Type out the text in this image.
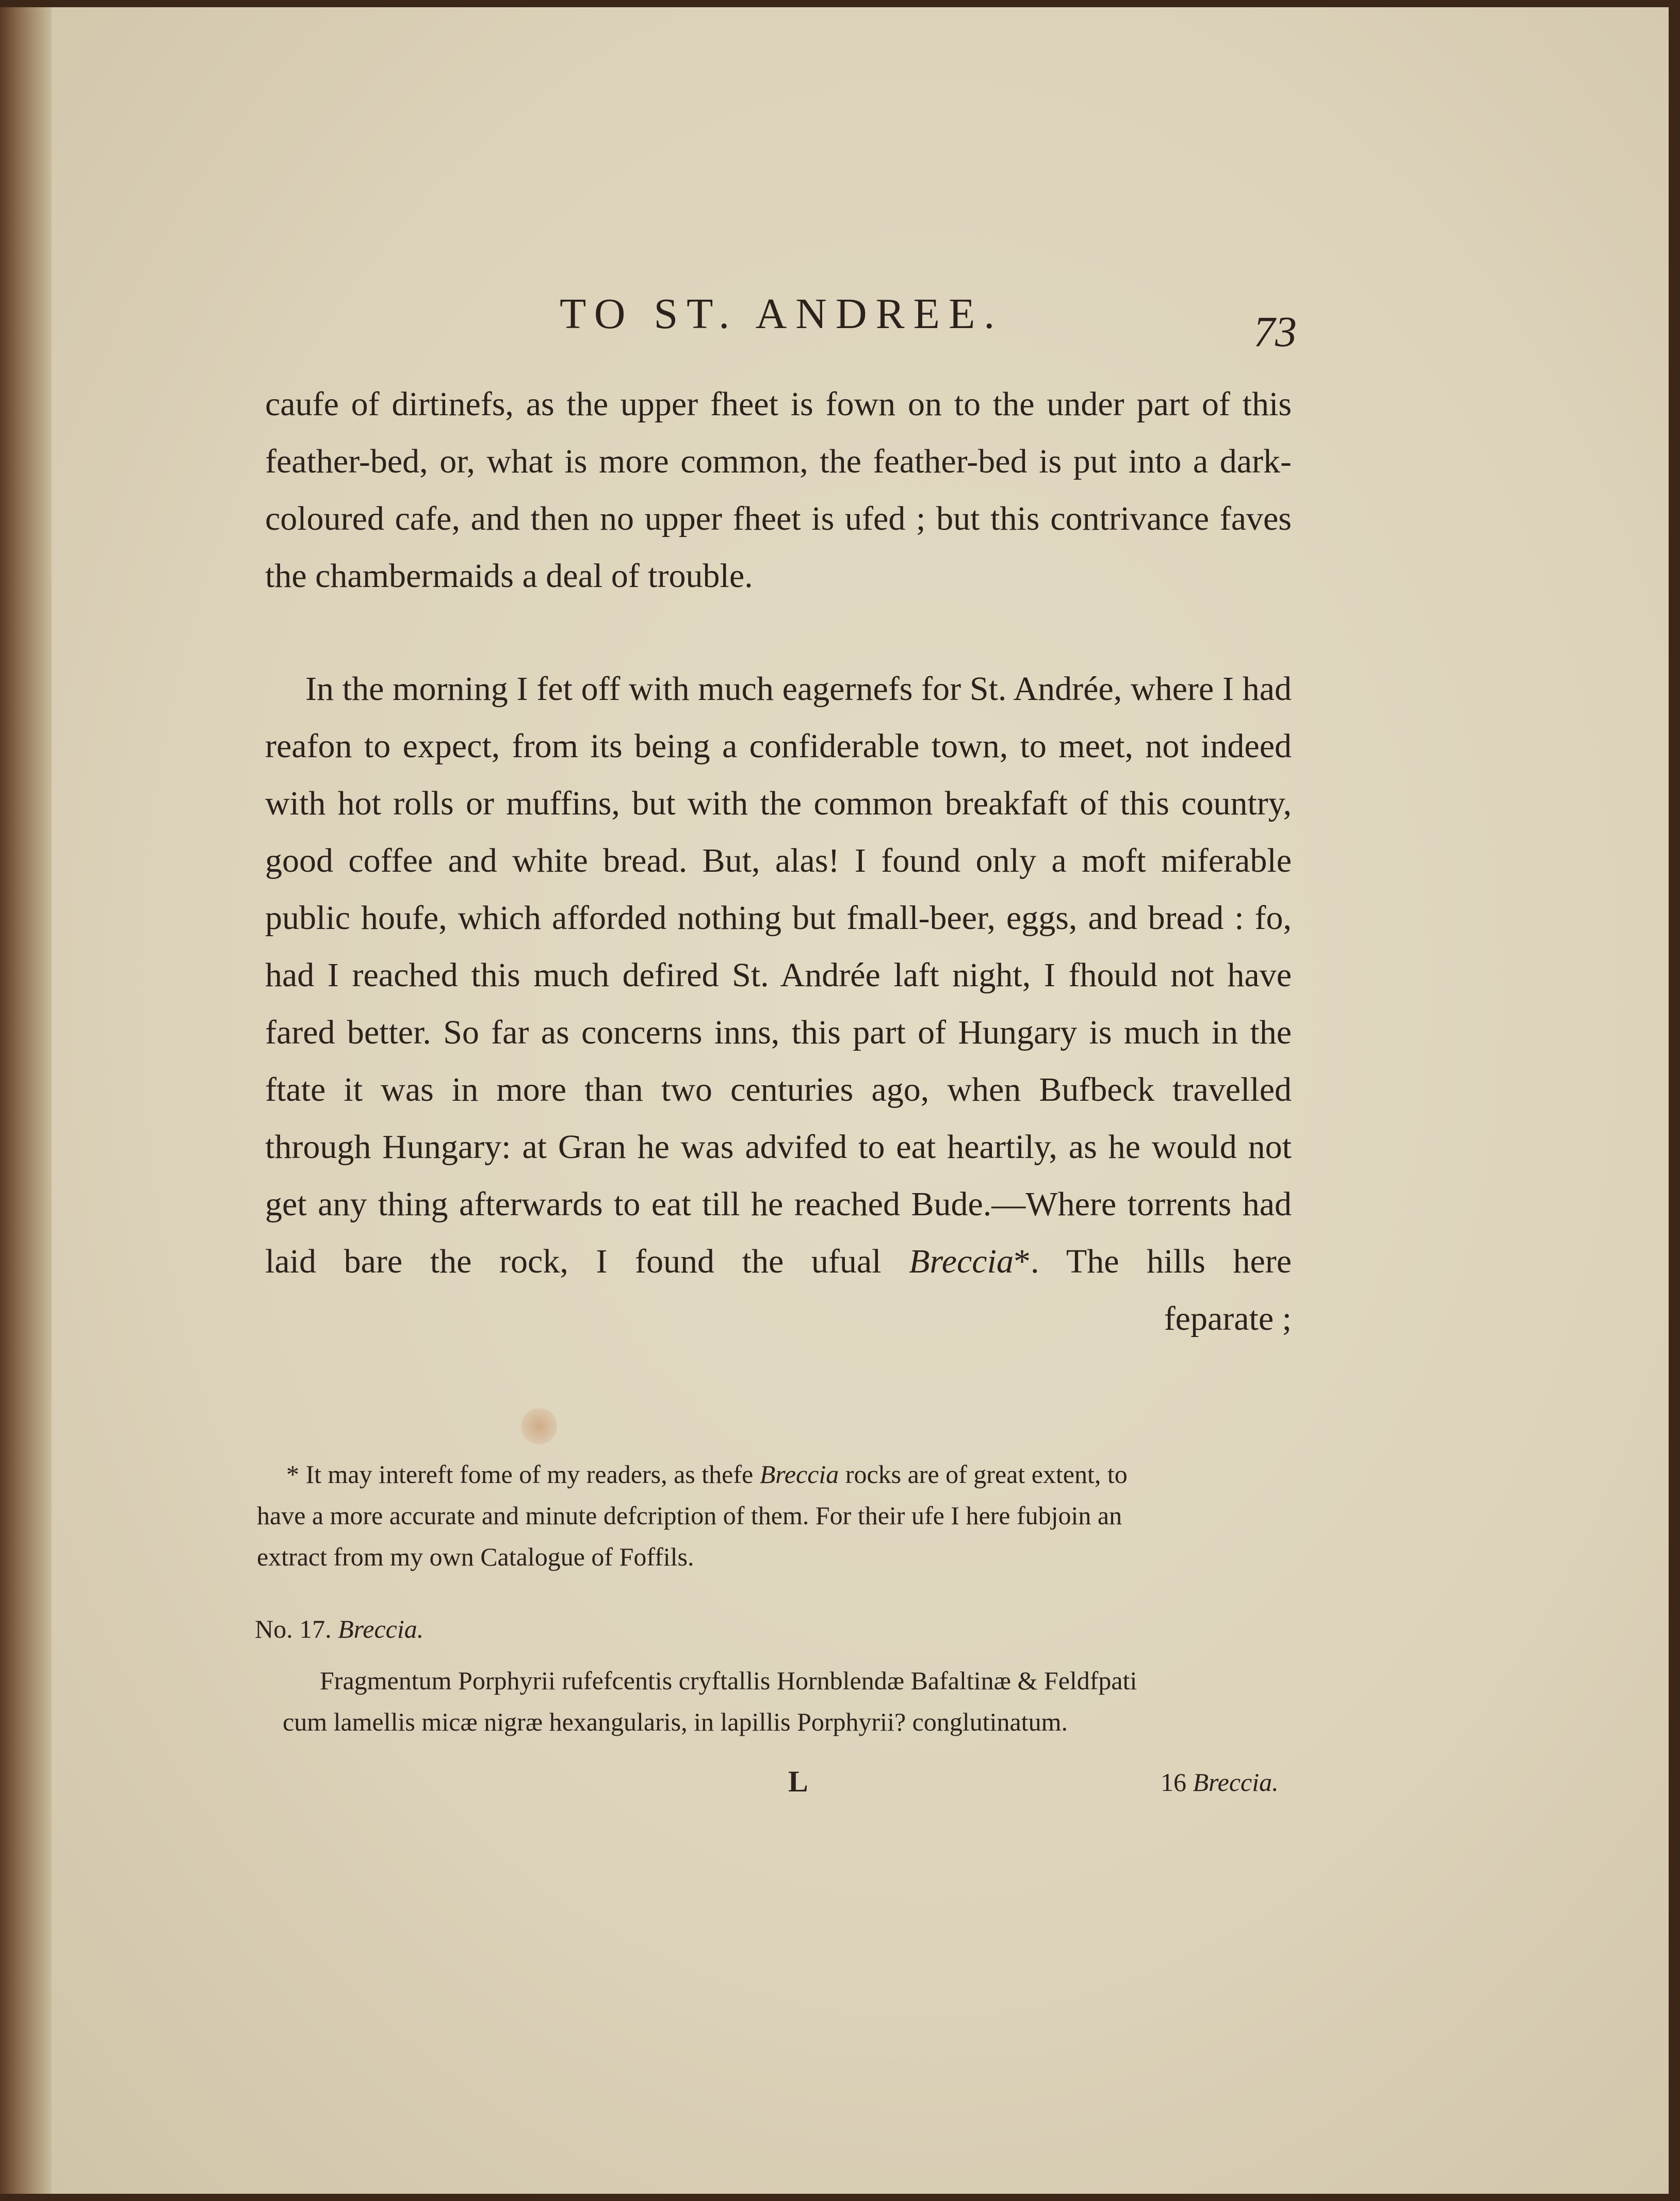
TO ST. ANDREE.	73

caufe of dirtinefs, as the upper fheet is fown on to the under part of this feather-bed, or, what is more common, the feather-bed is put into a dark-coloured cafe, and then no upper fheet is ufed ; but this contrivance faves the chambermaids a deal of trouble.

In the morning I fet off with much eagernefs for St. Andrée, where I had reafon to expect, from its being a confiderable town, to meet, not indeed with hot rolls or muffins, but with the common breakfaft of this country, good coffee and white bread. But, alas! I found only a moft miferable public houfe, which afforded nothing but fmall-beer, eggs, and bread : fo, had I reached this much defired St. Andrée laft night, I fhould not have fared better. So far as concerns inns, this part of Hungary is much in the ftate it was in more than two centuries ago, when Bufbeck travelled through Hungary: at Gran he was advifed to eat heartily, as he would not get any thing afterwards to eat till he reached Bude.—Where torrents had laid bare the rock, I found the ufual Breccia*. The hills here

feparate ;
* It may intereft fome of my readers, as thefe Breccia rocks are of great extent, to
have a more accurate and minute defcription of them. For their ufe I here fubjoin an
extract from my own Catalogue of Foffils.
No. 17. Breccia.
Fragmentum Porphyrii rufefcentis cryftallis Hornblendæ Bafaltinæ & Feldfpati
cum lamellis micæ nigræ hexangularis, in lapillis Porphyrii? conglutinatum.
L	16 Breccia.
